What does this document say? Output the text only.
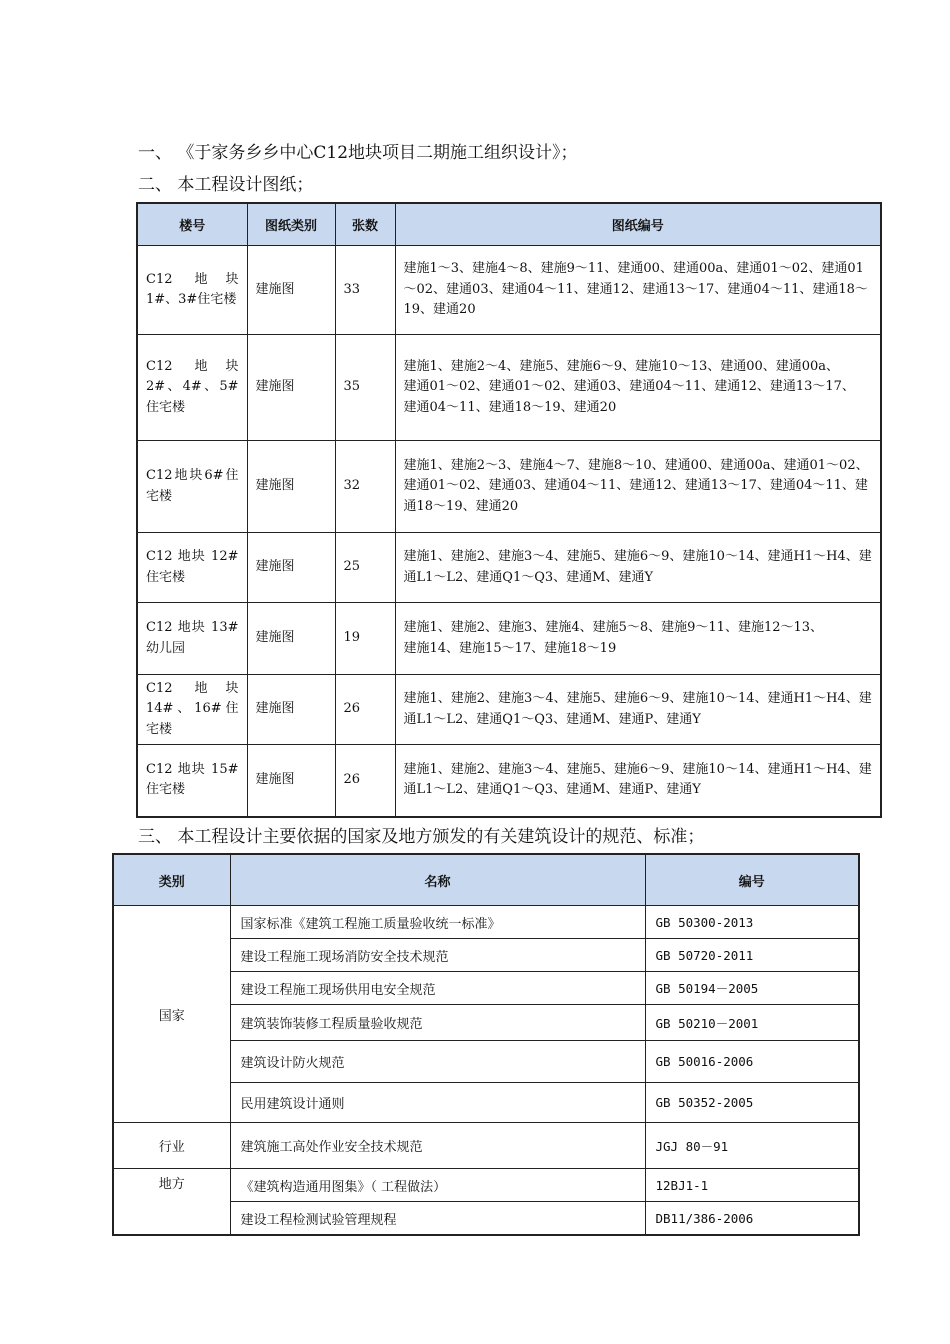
一、 《于家务乡乡中心C12地块项目二期施工组织设计》；
二、 本工程设计图纸；
楼号	图纸类别	张数	图纸编号
C12 地块 1#、3#住宅楼	建施图	33	建施1～3、建施4～8、建施9～11、建通00、建通00a、建通01～02、建通01～02、建通03、建通04～11、建通12、建通13～17、建通04～11、建通18～19、建通20
C12 地块 2#、4#、5#住宅楼	建施图	35	建施1、建施2～4、建施5、建施6～9、建施10～13、建通00、建通00a、
建通01～02、建通01～02、建通03、建通04～11、建通12、建通13～17、
建通04～11、建通18～19、建通20
C12地块6#住宅楼	建施图	32	建施1、建施2～3、建施4～7、建施8～10、建通00、建通00a、建通01～02、建通01～02、建通03、建通04～11、建通12、建通13～17、建通04～11、建通18～19、建通20
C12 地块 12#住宅楼	建施图	25	建施1、建施2、建施3～4、建施5、建施6～9、建施10～14、建通H1～H4、建通L1～L2、建通Q1～Q3、建通M、建通Y
C12 地块 13#幼儿园	建施图	19	建施1、建施2、建施3、建施4、建施5～8、建施9～11、建施12～13、
建施14、建施15～17、建施18～19
C12 地块 14#、16#住宅楼	建施图	26	建施1、建施2、建施3～4、建施5、建施6～9、建施10～14、建通H1～H4、建通L1～L2、建通Q1～Q3、建通M、建通P、建通Y
C12 地块 15#住宅楼	建施图	26	建施1、建施2、建施3～4、建施5、建施6～9、建施10～14、建通H1～H4、建通L1～L2、建通Q1～Q3、建通M、建通P、建通Y
三、 本工程设计主要依据的国家及地方颁发的有关建筑设计的规范、标准；
类别	名称	编号
国家	国家标准《建筑工程施工质量验收统一标准》	GB 50300-2013
	建设工程施工现场消防安全技术规范	GB 50720-2011
	建设工程施工现场供用电安全规范	GB 50194－2005
	建筑装饰装修工程质量验收规范	GB 50210－2001
	建筑设计防火规范	GB 50016-2006
	民用建筑设计通则	GB 50352-2005
行业	建筑施工高处作业安全技术规范	JGJ 80－91
地方	《建筑构造通用图集》（ 工程做法）	12BJ1-1
	建设工程检测试验管理规程	DB11/386-2006
